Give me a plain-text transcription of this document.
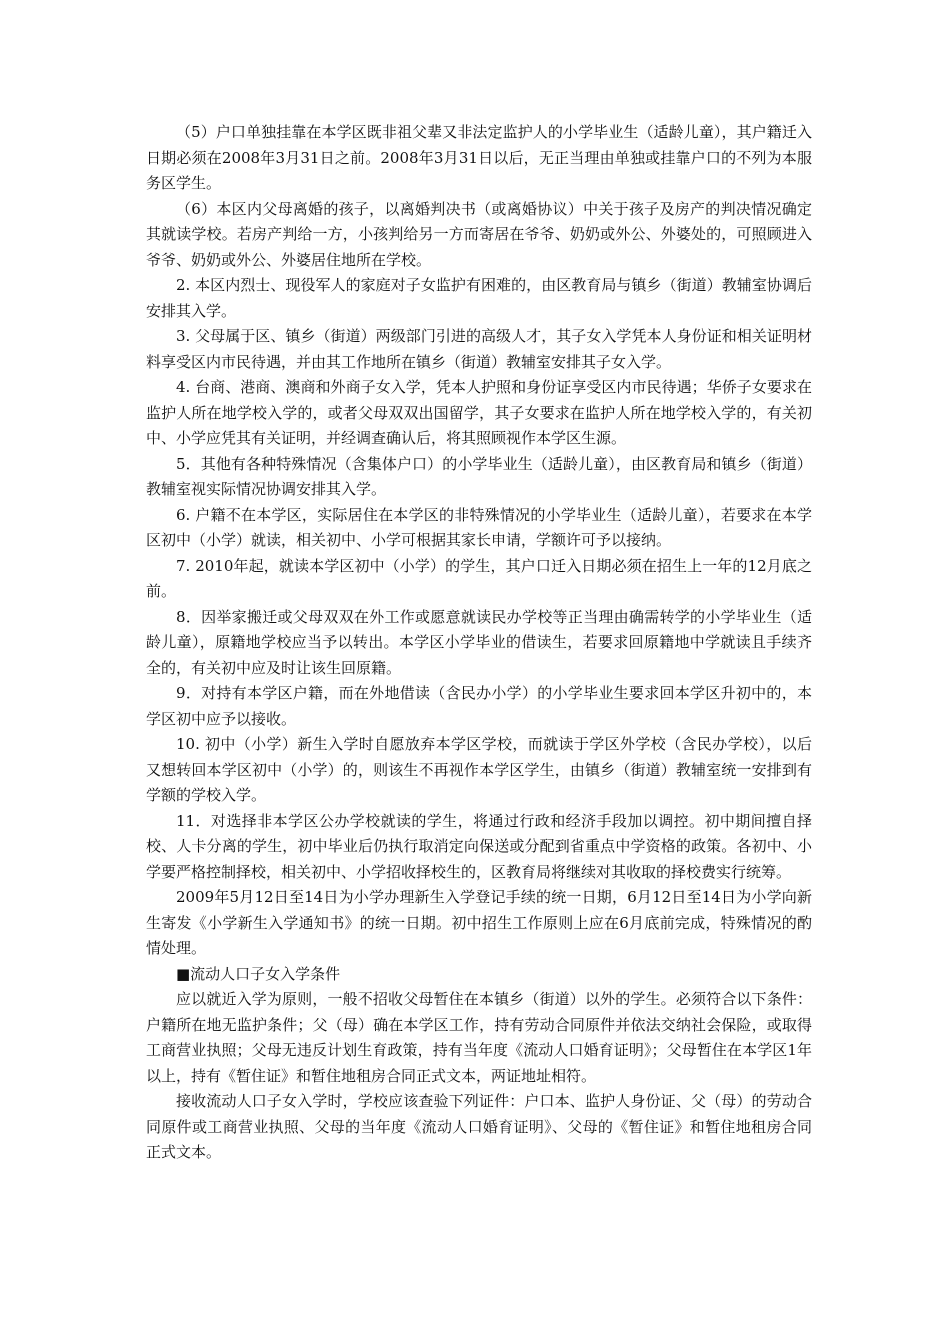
（5）户口单独挂靠在本学区既非祖父辈又非法定监护人的小学毕业生（适龄儿童），其户籍迁入日期必须在2008年3月31日之前。2008年3月31日以后，无正当理由单独或挂靠户口的不列为本服务区学生。

（6）本区内父母离婚的孩子，以离婚判决书（或离婚协议）中关于孩子及房产的判决情况确定其就读学校。若房产判给一方，小孩判给另一方而寄居在爷爷、奶奶或外公、外婆处的，可照顾进入爷爷、奶奶或外公、外婆居住地所在学校。

2. 本区内烈士、现役军人的家庭对子女监护有困难的，由区教育局与镇乡（街道）教辅室协调后安排其入学。

3. 父母属于区、镇乡（街道）两级部门引进的高级人才，其子女入学凭本人身份证和相关证明材料享受区内市民待遇，并由其工作地所在镇乡（街道）教辅室安排其子女入学。

4. 台商、港商、澳商和外商子女入学，凭本人护照和身份证享受区内市民待遇；华侨子女要求在监护人所在地学校入学的，或者父母双双出国留学，其子女要求在监护人所在地学校入学的，有关初中、小学应凭其有关证明，并经调查确认后，将其照顾视作本学区生源。

5．其他有各种特殊情况（含集体户口）的小学毕业生（适龄儿童），由区教育局和镇乡（街道）教辅室视实际情况协调安排其入学。

6. 户籍不在本学区，实际居住在本学区的非特殊情况的小学毕业生（适龄儿童），若要求在本学区初中（小学）就读，相关初中、小学可根据其家长申请，学额许可予以接纳。

7. 2010年起，就读本学区初中（小学）的学生，其户口迁入日期必须在招生上一年的12月底之前。

8．因举家搬迁或父母双双在外工作或愿意就读民办学校等正当理由确需转学的小学毕业生（适龄儿童），原籍地学校应当予以转出。本学区小学毕业的借读生，若要求回原籍地中学就读且手续齐全的，有关初中应及时让该生回原籍。

9．对持有本学区户籍，而在外地借读（含民办小学）的小学毕业生要求回本学区升初中的，本学区初中应予以接收。

10. 初中（小学）新生入学时自愿放弃本学区学校，而就读于学区外学校（含民办学校），以后又想转回本学区初中（小学）的，则该生不再视作本学区学生，由镇乡（街道）教辅室统一安排到有学额的学校入学。

11．对选择非本学区公办学校就读的学生，将通过行政和经济手段加以调控。初中期间擅自择校、人卡分离的学生，初中毕业后仍执行取消定向保送或分配到省重点中学资格的政策。各初中、小学要严格控制择校，相关初中、小学招收择校生的，区教育局将继续对其收取的择校费实行统筹。

2009年5月12日至14日为小学办理新生入学登记手续的统一日期，6月12日至14日为小学向新生寄发《小学新生入学通知书》的统一日期。初中招生工作原则上应在6月底前完成，特殊情况的酌情处理。

■流动人口子女入学条件

应以就近入学为原则，一般不招收父母暂住在本镇乡（街道）以外的学生。必须符合以下条件：户籍所在地无监护条件；父（母）确在本学区工作，持有劳动合同原件并依法交纳社会保险，或取得工商营业执照；父母无违反计划生育政策，持有当年度《流动人口婚育证明》；父母暂住在本学区1年以上，持有《暂住证》和暂住地租房合同正式文本，两证地址相符。

接收流动人口子女入学时，学校应该查验下列证件：户口本、监护人身份证、父（母）的劳动合同原件或工商营业执照、父母的当年度《流动人口婚育证明》、父母的《暂住证》和暂住地租房合同正式文本。
